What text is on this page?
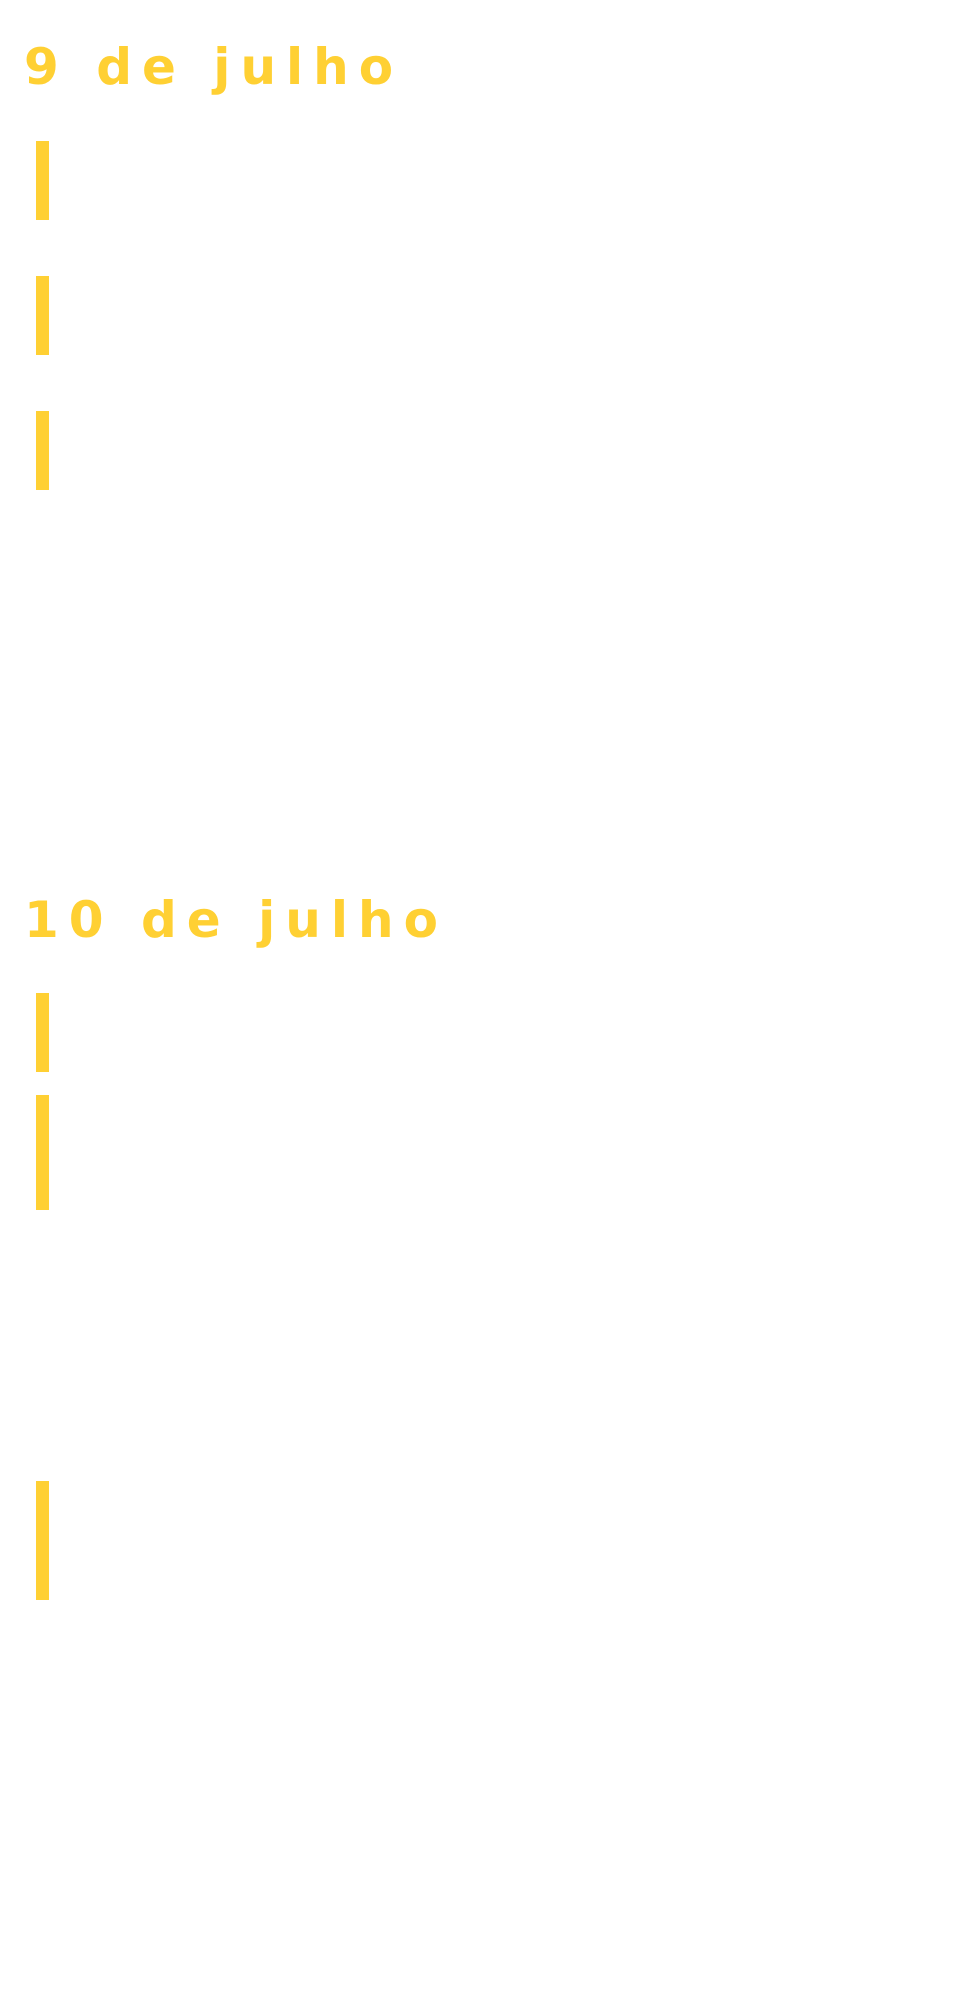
9 de julho
10 de julho
